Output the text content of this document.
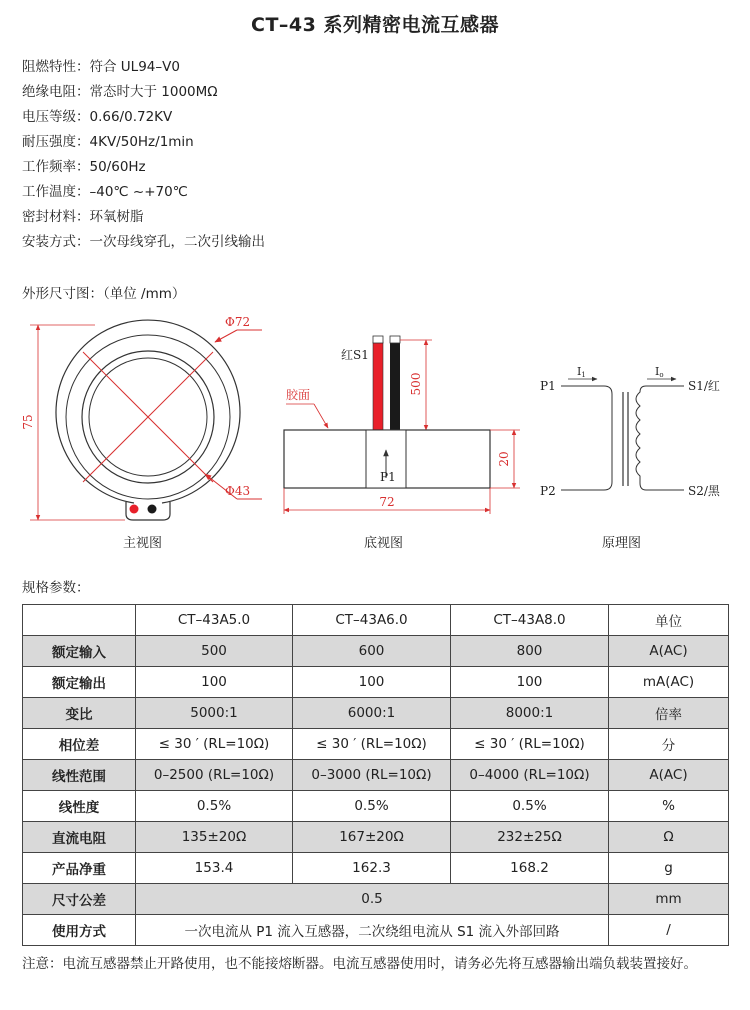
CT–43 系列精密电流互感器
阻燃特性：符合 UL94–V0
绝缘电阻：常态时大于 1000MΩ
电压等级：0.66/0.72KV
耐压强度：4KV/50Hz/1min
工作频率：50/60Hz
工作温度：–40℃ ~+70℃
密封材料：环氧树脂
安装方式：一次母线穿孔，二次引线输出
外形尺寸图：（单位 /mm）
Φ72
Φ43
75
红S1
500
胶面
P1
20
72
P1
P2
I1	Io
S1/红
S2/黑
主视图	底视图	原理图
规格参数：
	CT–43A5.0	CT–43A6.0	CT–43A8.0	单位
额定输入	500	600	800	A(AC)
额定输出	100	100	100	mA(AC)
变比	5000:1	6000:1	8000:1	倍率
相位差	≤ 30 ′ (RL=10Ω)	≤ 30 ′ (RL=10Ω)	≤ 30 ′ (RL=10Ω)	分
线性范围	0–2500 (RL=10Ω)	0–3000 (RL=10Ω)	0–4000 (RL=10Ω)	A(AC)
线性度	0.5%	0.5%	0.5%	%
直流电阻	135±20Ω	167±20Ω	232±25Ω	Ω
产品净重	153.4	162.3	168.2	g
尺寸公差	0.5			mm
使用方式	一次电流从 P1 流入互感器，二次绕组电流从 S1 流入外部回路			/
注意：电流互感器禁止开路使用，也不能接熔断器。电流互感器使用时，请务必先将互感器输出端负载装置接好。
